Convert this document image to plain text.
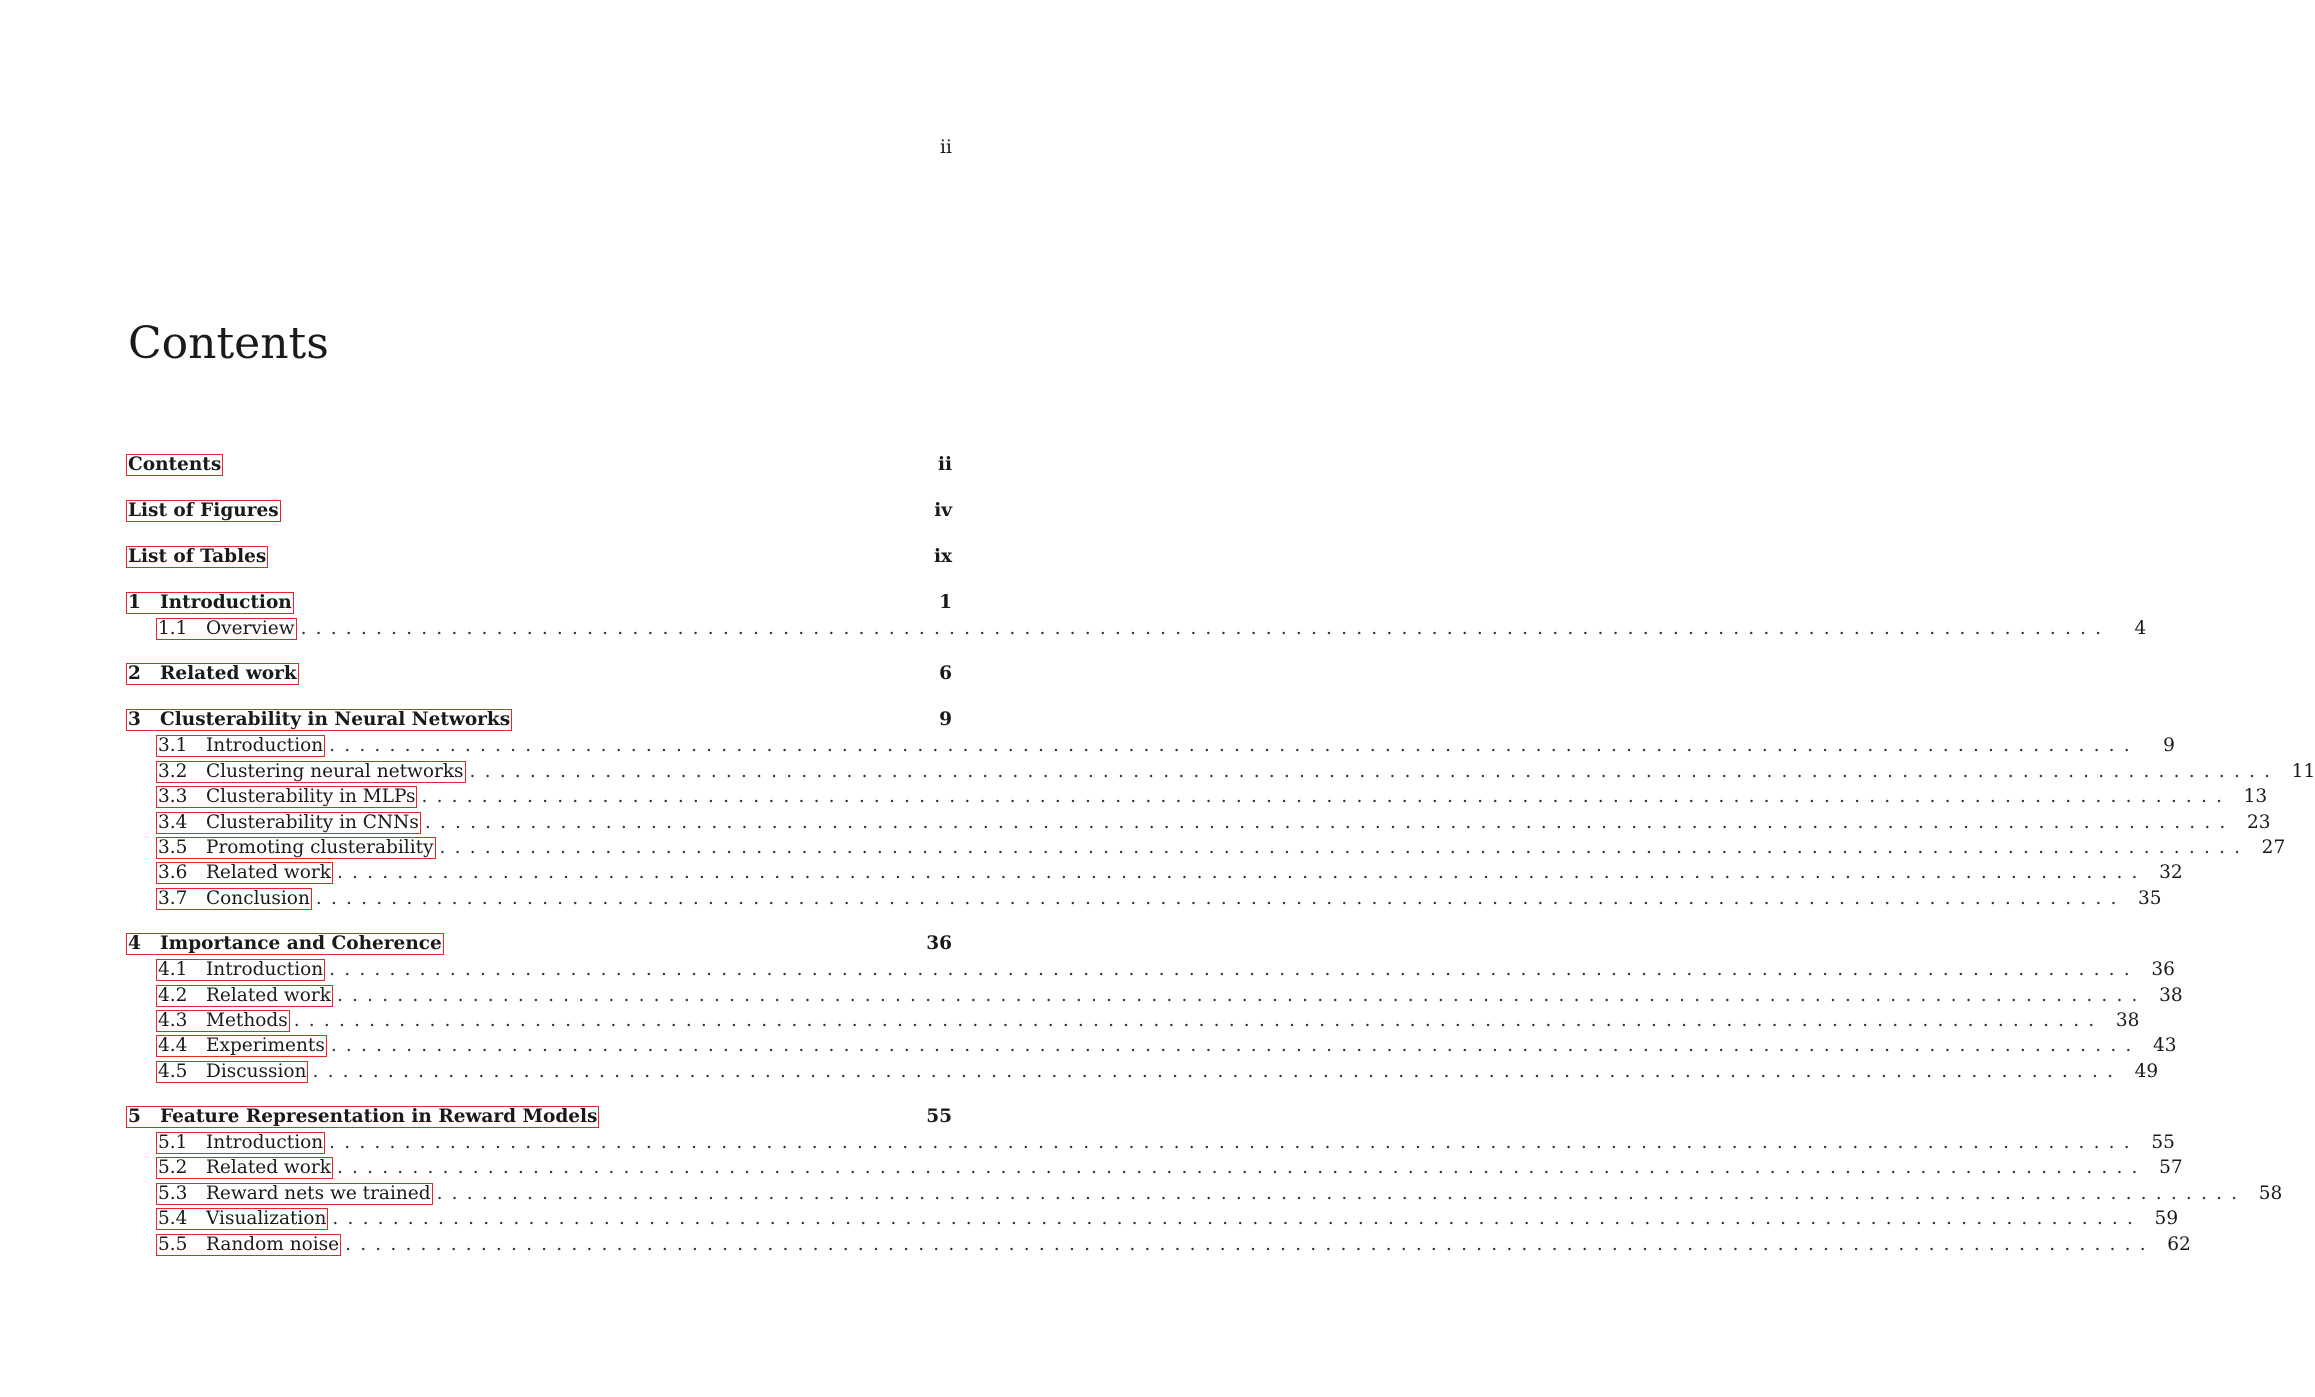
ii
Contents
Contents	ii
List of Figures	iv
List of Tables	ix
1 Introduction	1
1.1 Overview ........................................................................................................................	4
2 Related work	6
3 Clusterability in Neural Networks	9
3.1 Introduction ........................................................................................................................	9
3.2 Clustering neural networks ........................................................................................................................ 11
3.3 Clusterability in MLPs ........................................................................................................................ 13
3.4 Clusterability in CNNs ........................................................................................................................ 23
3.5 Promoting clusterability ........................................................................................................................ 27
3.6 Related work ........................................................................................................................ 32
3.7 Conclusion ........................................................................................................................ 35
4 Importance and Coherence	36
4.1 Introduction ........................................................................................................................ 36
4.2 Related work ........................................................................................................................ 38
4.3 Methods ........................................................................................................................ 38
4.4 Experiments ........................................................................................................................ 43
4.5 Discussion ........................................................................................................................ 49
5 Feature Representation in Reward Models	55
5.1 Introduction ........................................................................................................................ 55
5.2 Related work ........................................................................................................................ 57
5.3 Reward nets we trained ........................................................................................................................ 58
5.4 Visualization ........................................................................................................................ 59
5.5 Random noise ........................................................................................................................ 62
